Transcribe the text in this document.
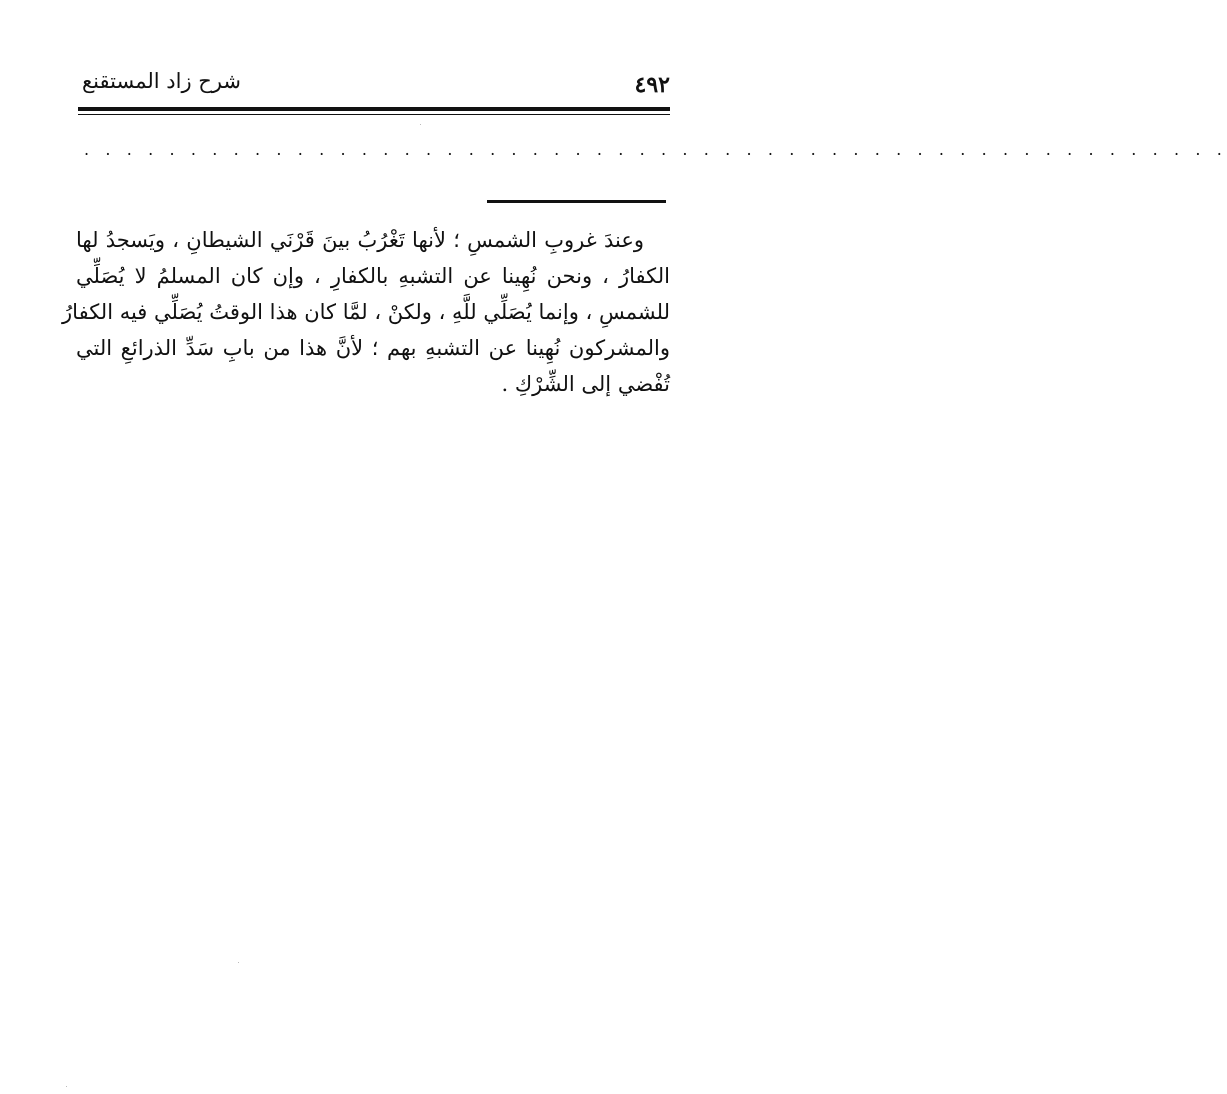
شرح زاد المستقنع	٤٩٢
. . . . . . . . . . . . . . . . . . . . . . . . . . . . . . . . . . . . . . . . . . . . . . . . . . . . . .
وعندَ غروبِ الشمسِ ؛ لأنها تَغْرُبُ بينَ قَرْنَي الشيطانِ ، ويَسجدُ لها
الكفارُ ، ونحن نُهِينا عن التشبهِ بالكفارِ ، وإن كان المسلمُ لا يُصَلِّي
للشمسِ ، وإنما يُصَلِّي للَّهِ ، ولكنْ ، لمَّا كان هذا الوقتُ يُصَلِّي فيه الكفارُ
والمشركون نُهِينا عن التشبهِ بهم ؛ لأنَّ هذا من بابِ سَدِّ الذرائعِ التي
تُفْضي إلى الشِّرْكِ .
